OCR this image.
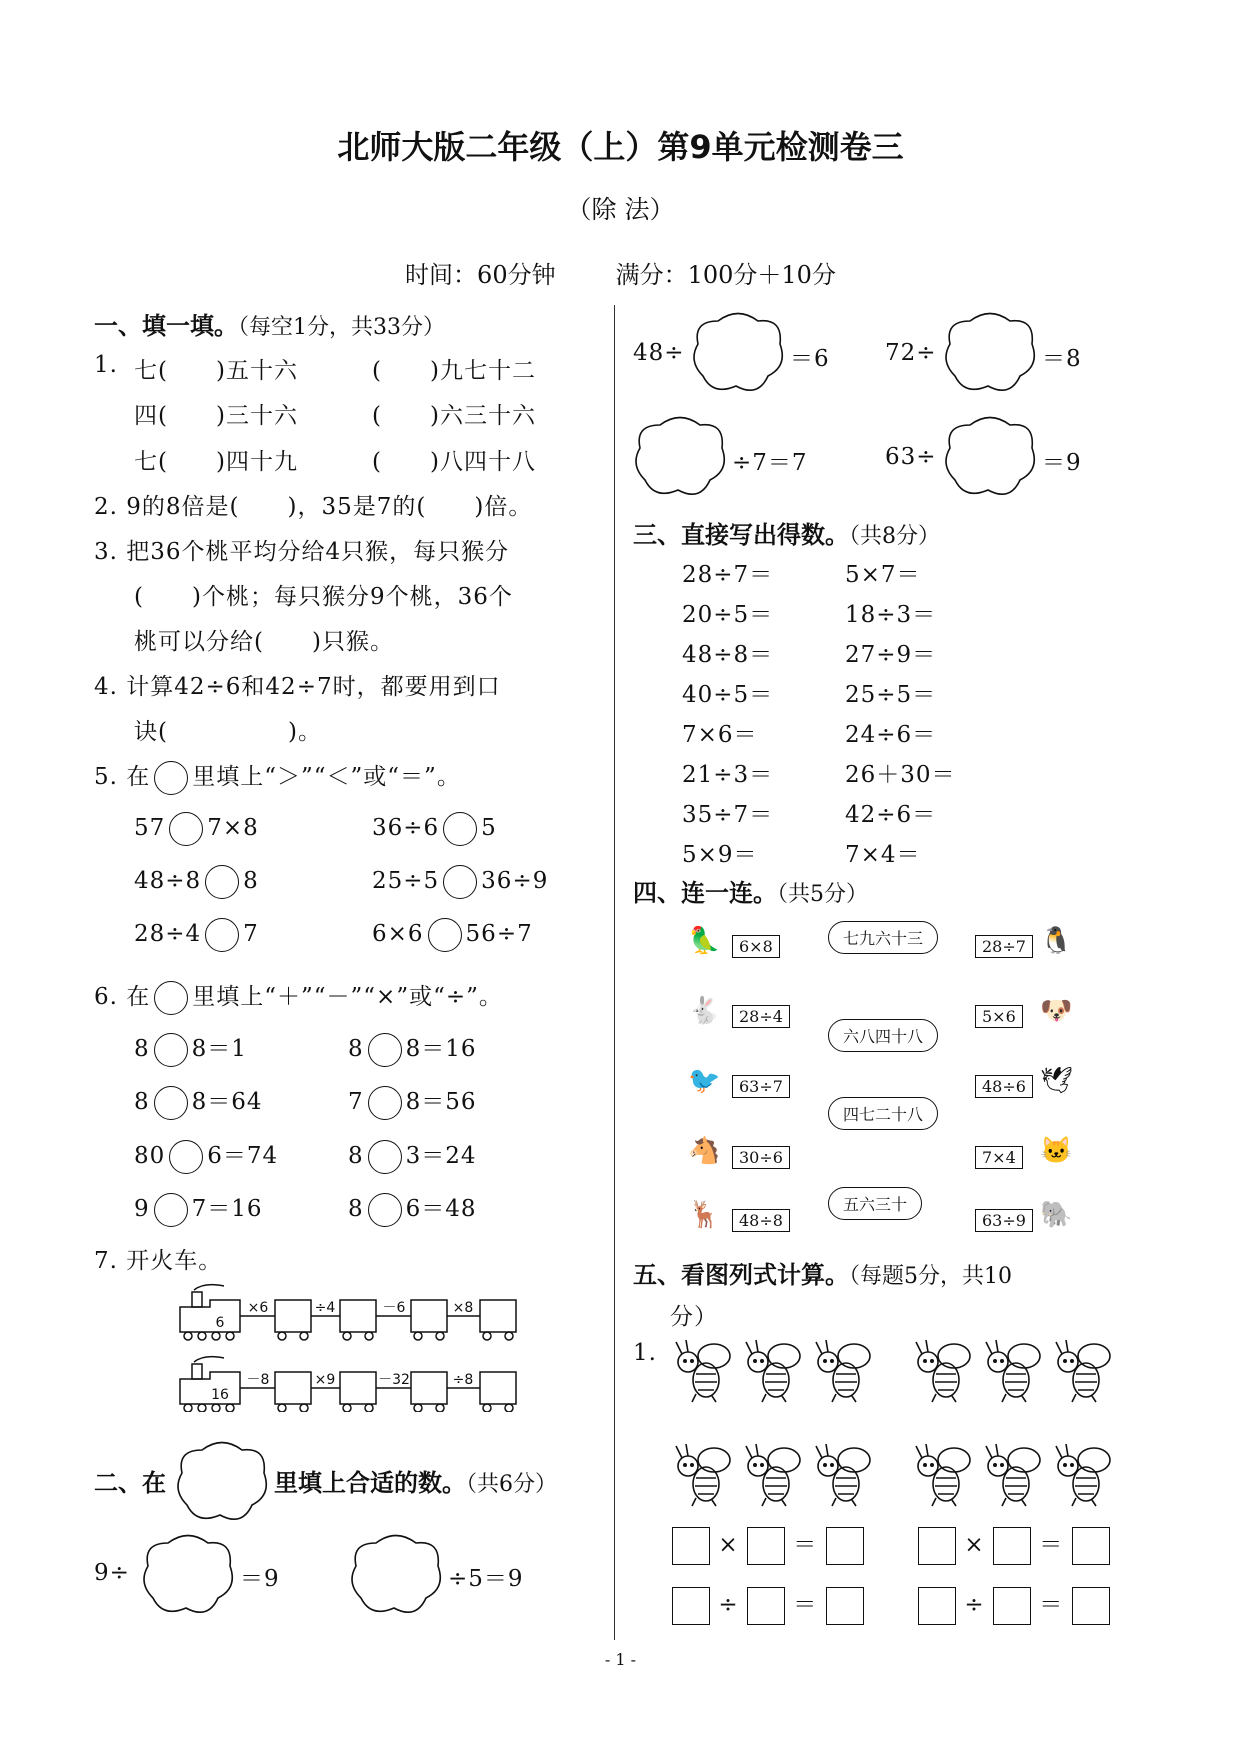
北师大版二年级（上）第9单元检测卷三
（除 法）
时间：60分钟	满分：100分＋10分
一、填一填。（每空1分，共33分）
1. 七(　　)五十六	(　　)九七十二
四(　　)三十六	(　　)六三十六
七(　　)四十九	(　　)八四十八
2. 9的8倍是(　　)，35是7的(　　)倍。
3. 把36个桃平均分给4只猴，每只猴分
(　　)个桃；每只猴分9个桃，36个
桃可以分给(　　)只猴。
4. 计算42÷6和42÷7时，都要用到口
诀(　　　　　)。
5. 在 里填上“＞”“＜”或“＝”。
57 7×8	36÷6 5
48÷8 8	25÷5 36÷9
28÷4 7	6×6 56÷7
6. 在 里填上“＋”“－”“×”或“÷”。
8 8＝1	8 8＝16
8 8＝64	7 8＝56
80 6＝74	8 3＝24
9 7＝16	8 6＝48
7. 开火车。
6
×6	÷4	－6	×8
16
－8	×9	－32	÷8
二、在	里填上合适的数。（共6分）
9÷	＝9	÷5＝9
48÷	＝6 72÷	＝8
÷7＝7	63÷	＝9
三、直接写出得数。（共8分）
28÷7＝	5×7＝
20÷5＝	18÷3＝
48÷8＝	27÷9＝
40÷5＝	25÷5＝
7×6＝	24÷6＝
21÷3＝	26＋30＝
35÷7＝	42÷6＝
5×9＝	7×4＝
四、连一连。（共5分）
🦜	6×8
🐇	28÷4
🐦	63÷7
🐴	30÷6
🦌	48÷8
七九六十三
六八四十八
四七二十八
五六三十
28÷7 🐧
5×6 🐶
48÷6 🕊
7×4 🐱
63÷9 🐘
五、看图列式计算。（每题5分，共10
分）
1.
× ＝	× ＝
÷ ＝	÷ ＝
- 1 -
